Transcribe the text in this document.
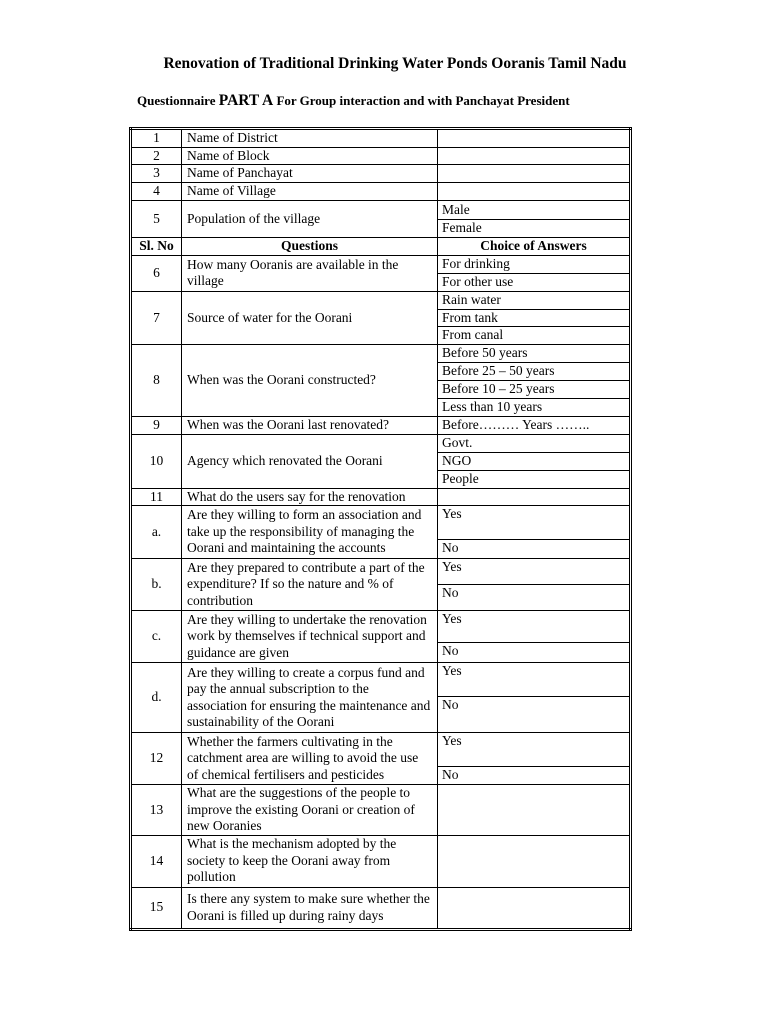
Renovation of Traditional Drinking Water Ponds Ooranis Tamil Nadu
Questionnaire PART A For Group interaction and with Panchayat President
1	Name of District	
2	Name of Block	
3	Name of Panchayat	
4	Name of Village	
5	Population of the village	Male
		Female
Sl. No	Questions	Choice of Answers
6	How many Ooranis are available in the village	For drinking
		For other use
7	Source of water for the Oorani	Rain water
		From tank
		From canal
8	When was the Oorani constructed?	Before 50 years
		Before 25 – 50 years
		Before 10 – 25 years
		Less than 10 years
9	When was the Oorani last renovated?	Before……… Years ……..
10	Agency which renovated the Oorani	Govt.
		NGO
		People
11	What do the users say for the renovation	
a.	Are they willing to form an association and take up the responsibility of managing the Oorani and maintaining the accounts	Yes
		No
b.	Are they prepared to contribute a part of the expenditure? If so the nature and % of contribution	Yes
		No
c.	Are they willing to undertake the renovation work by themselves if technical support and guidance are given	Yes
		No
d.	Are they willing to create a corpus fund and pay the annual subscription to the association for ensuring the maintenance and sustainability of the Oorani	Yes
		No
12	Whether the farmers cultivating in the catchment area are willing to avoid the use of chemical fertilisers and pesticides	Yes
		No
13	What are the suggestions of the people to improve the existing Oorani or creation of new Ooranies	
14	What is the mechanism adopted by the society to keep the Oorani away from pollution	
15	Is there any system to make sure whether the Oorani is filled up during rainy days	
